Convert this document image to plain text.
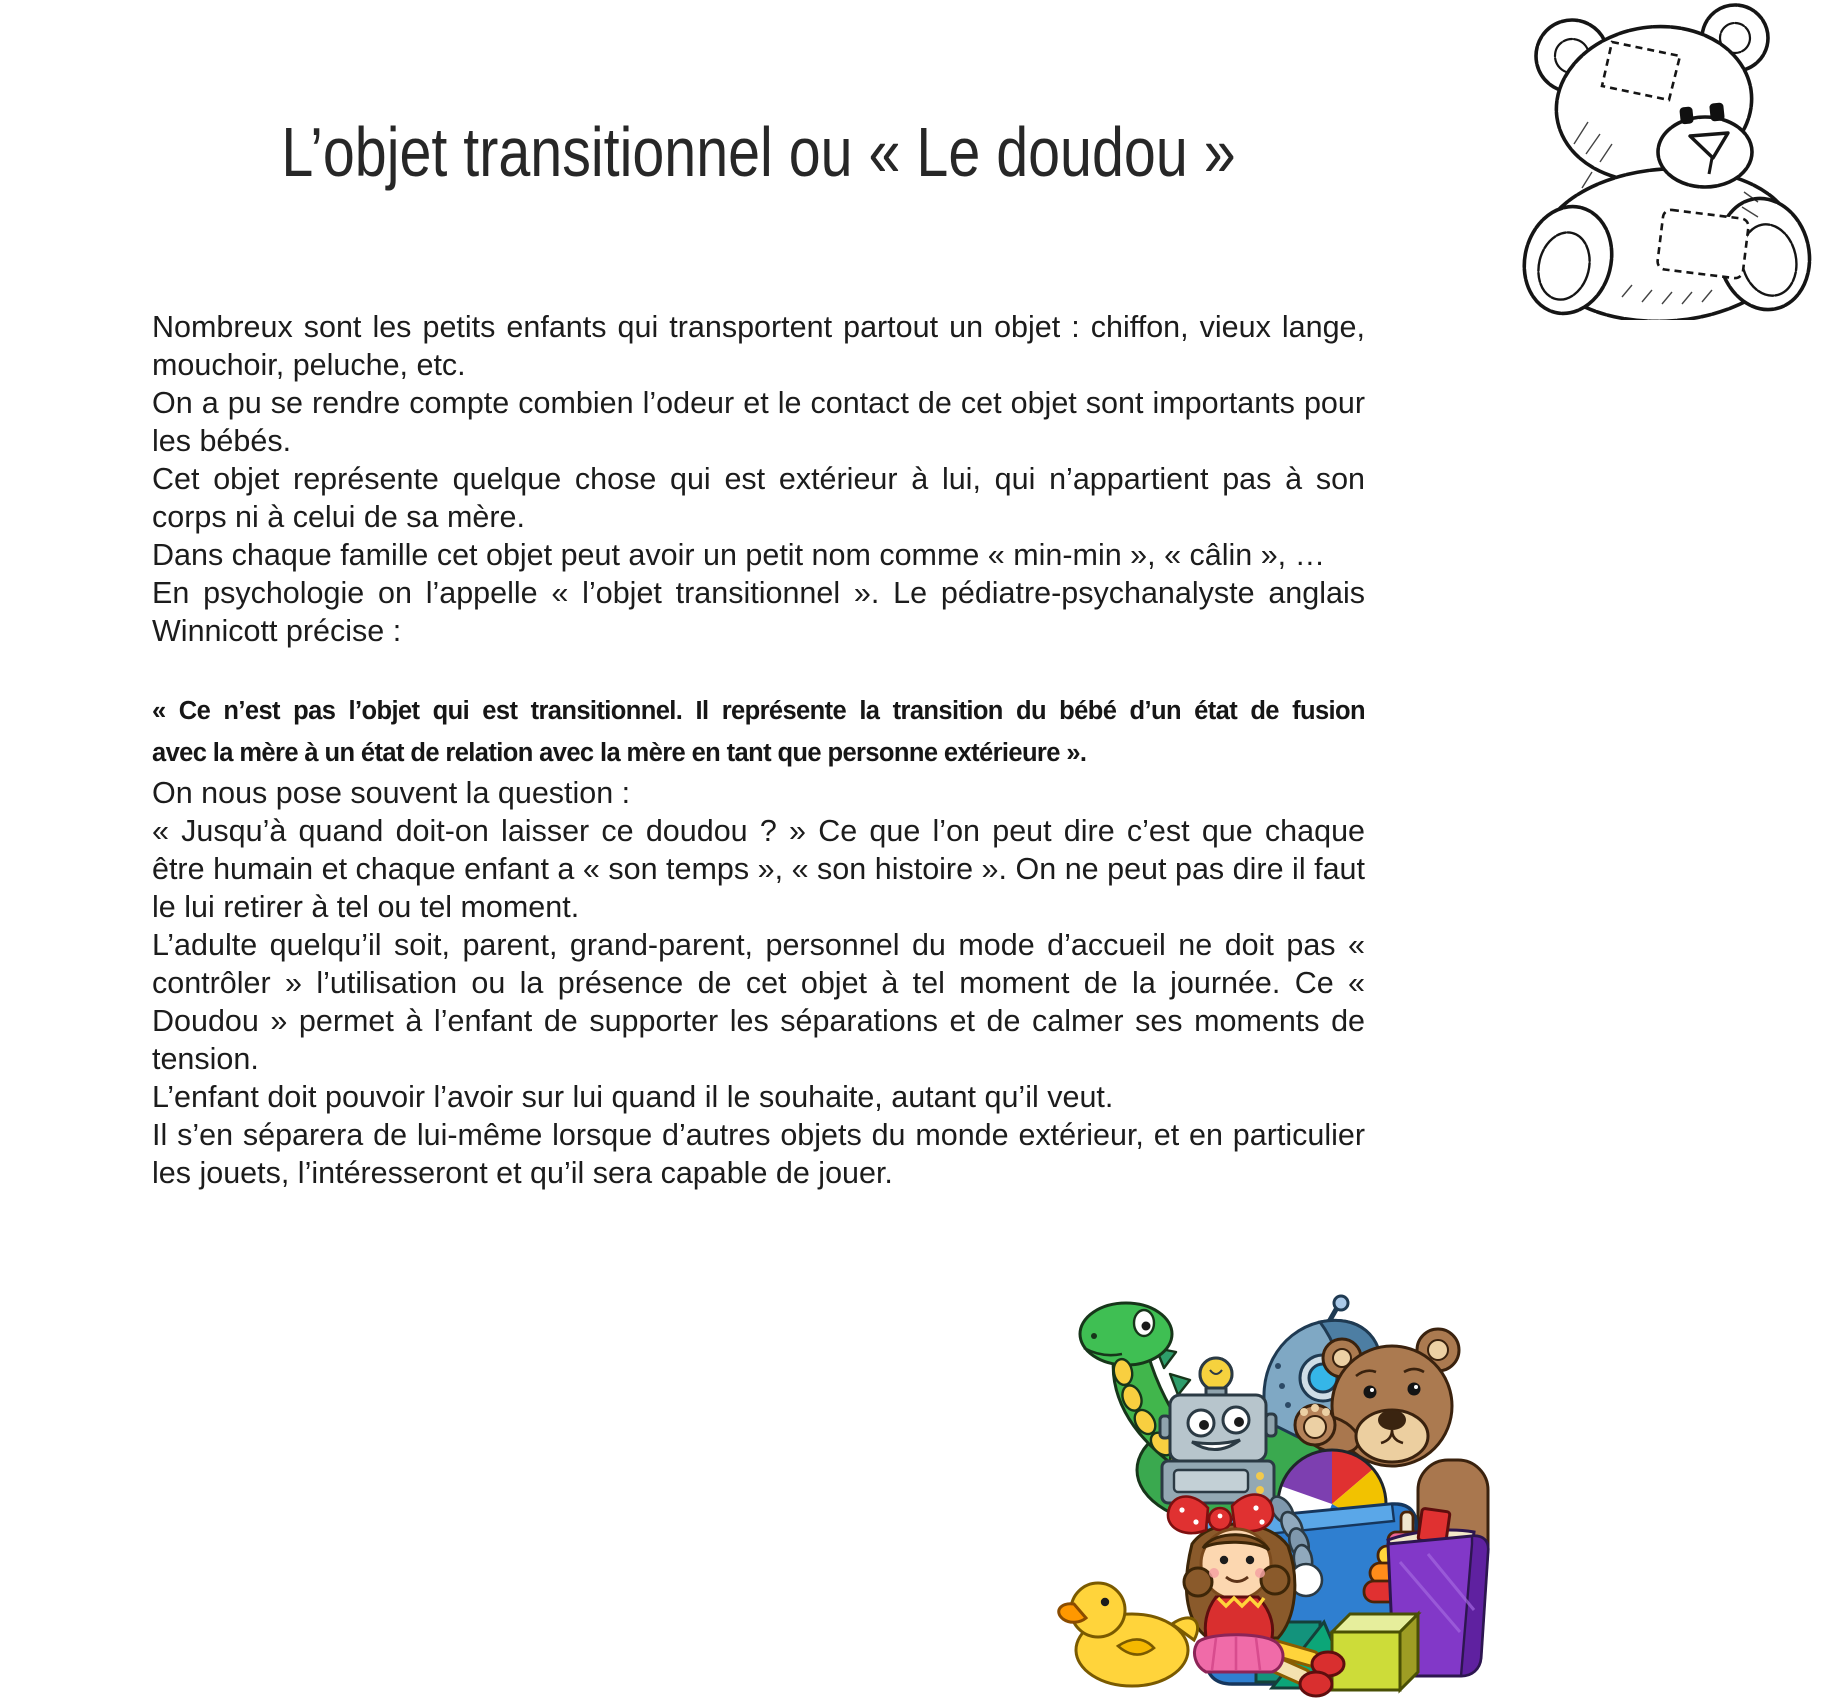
L’objet transitionnel ou « Le doudou »

Nombreux sont les petits enfants qui transportent partout un objet : chiffon, vieux lange, mouchoir, peluche, etc.

On a pu se rendre compte combien l’odeur et le contact de cet objet sont importants pour les bébés.

Cet objet représente quelque chose qui est extérieur à lui, qui n’appartient pas à son corps ni à celui de sa mère.

Dans chaque famille cet objet peut avoir un petit nom comme « min-min », « câlin », …

En psychologie on l’appelle « l’objet transitionnel ». Le pédiatre-psychanalyste anglais Winnicott précise :

« Ce n’est pas l’objet qui est transitionnel. Il représente la transition du bébé d’un état de fusion
avec la mère à un état de relation avec la mère en tant que personne extérieure ».

On nous pose souvent la question :

« Jusqu’à quand doit-on laisser ce doudou ? » Ce que l’on peut dire c’est que chaque être humain et chaque enfant a « son temps », « son histoire ». On ne peut pas dire il faut le lui retirer à tel ou tel moment.

L’adulte quelqu’il soit, parent, grand-parent, personnel du mode d’accueil ne doit pas « contrôler » l’utilisation ou la présence de cet objet à tel moment de la journée. Ce « Doudou » permet à l’enfant de supporter les séparations et de calmer ses moments de tension.

L’enfant doit pouvoir l’avoir sur lui quand il le souhaite, autant qu’il veut.

Il s’en séparera de lui-même lorsque d’autres objets du monde extérieur, et en particulier les jouets, l’intéresseront et qu’il sera capable de jouer.
